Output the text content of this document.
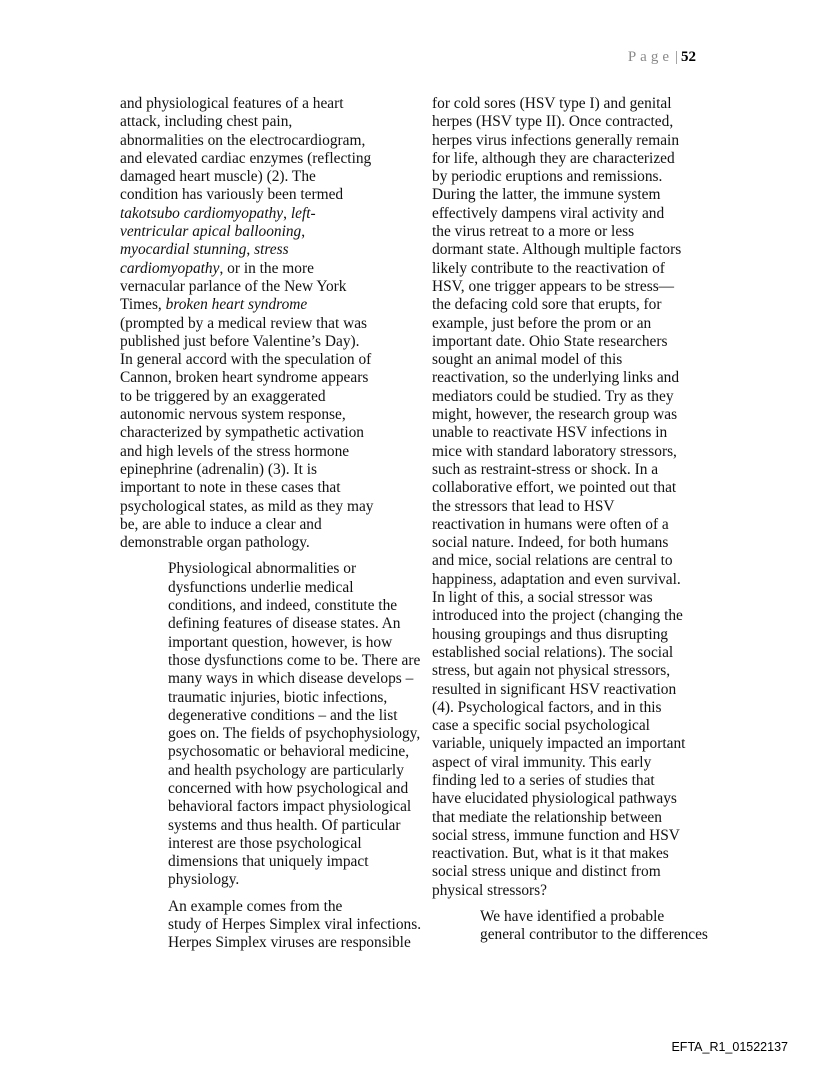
Page | 52

and physiological features of a heart
attack, including chest pain,
abnormalities on the electrocardiogram,
and elevated cardiac enzymes (reflecting
damaged heart muscle) (2). The
condition has variously been termed
takotsubo cardiomyopathy, left-
ventricular apical ballooning,
myocardial stunning, stress
cardiomyopathy, or in the more
vernacular parlance of the New York
Times, broken heart syndrome
(prompted by a medical review that was
published just before Valentine’s Day).
In general accord with the speculation of
Cannon, broken heart syndrome appears
to be triggered by an exaggerated
autonomic nervous system response,
characterized by sympathetic activation
and high levels of the stress hormone
epinephrine (adrenalin) (3). It is
important to note in these cases that
psychological states, as mild as they may
be, are able to induce a clear and
demonstrable organ pathology.

Physiological abnormalities or
dysfunctions underlie medical
conditions, and indeed, constitute the
defining features of disease states. An
important question, however, is how
those dysfunctions come to be. There are
many ways in which disease develops –
traumatic injuries, biotic infections,
degenerative conditions – and the list
goes on. The fields of psychophysiology,
psychosomatic or behavioral medicine,
and health psychology are particularly
concerned with how psychological and
behavioral factors impact physiological
systems and thus health. Of particular
interest are those psychological
dimensions that uniquely impact
physiology.

An example comes from the
study of Herpes Simplex viral infections.
Herpes Simplex viruses are responsible

for cold sores (HSV type I) and genital
herpes (HSV type II). Once contracted,
herpes virus infections generally remain
for life, although they are characterized
by periodic eruptions and remissions.
During the latter, the immune system
effectively dampens viral activity and
the virus retreat to a more or less
dormant state. Although multiple factors
likely contribute to the reactivation of
HSV, one trigger appears to be stress—
the defacing cold sore that erupts, for
example, just before the prom or an
important date. Ohio State researchers
sought an animal model of this
reactivation, so the underlying links and
mediators could be studied. Try as they
might, however, the research group was
unable to reactivate HSV infections in
mice with standard laboratory stressors,
such as restraint-stress or shock. In a
collaborative effort, we pointed out that
the stressors that lead to HSV
reactivation in humans were often of a
social nature. Indeed, for both humans
and mice, social relations are central to
happiness, adaptation and even survival.
In light of this, a social stressor was
introduced into the project (changing the
housing groupings and thus disrupting
established social relations). The social
stress, but again not physical stressors,
resulted in significant HSV reactivation
(4). Psychological factors, and in this
case a specific social psychological
variable, uniquely impacted an important
aspect of viral immunity. This early
finding led to a series of studies that
have elucidated physiological pathways
that mediate the relationship between
social stress, immune function and HSV
reactivation. But, what is it that makes
social stress unique and distinct from
physical stressors?

We have identified a probable
general contributor to the differences

EFTA_R1_01522137
